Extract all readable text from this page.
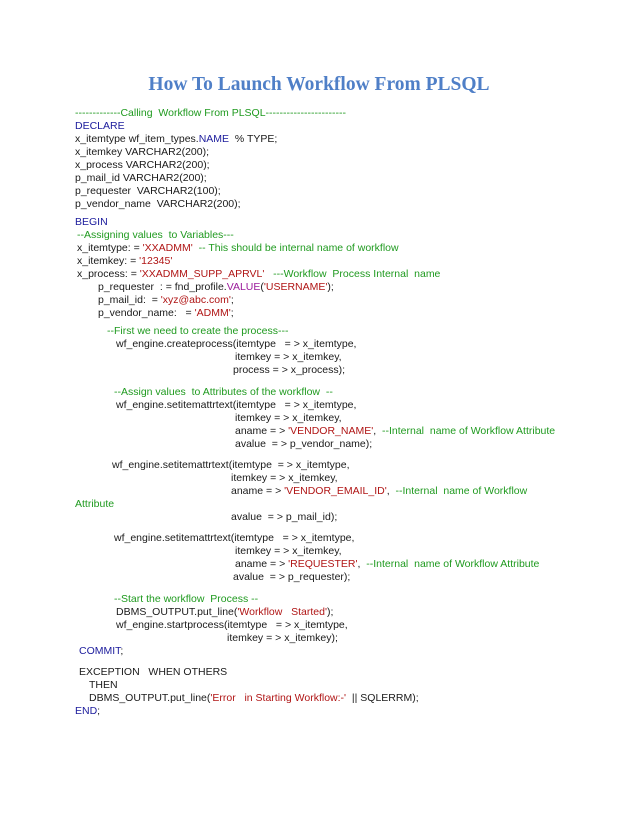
How To Launch Workflow From PLSQL
-------------Calling  Workflow From PLSQL-----------------------
DECLARE
x_itemtype wf_item_types.NAME  % TYPE;
x_itemkey VARCHAR2(200);
x_process VARCHAR2(200);
p_mail_id VARCHAR2(200);
p_requester  VARCHAR2(100);
p_vendor_name  VARCHAR2(200);
BEGIN
--Assigning values  to Variables---
x_itemtype: = 'XXADMM'  -- This should be internal name of workflow
x_itemkey: = '12345'
x_process: = 'XXADMM_SUPP_APRVL'   ---Workflow  Process Internal  name
p_requester  : = fnd_profile.VALUE('USERNAME');
p_mail_id:  = 'xyz@abc.com';
p_vendor_name:   = 'ADMM';
--First we need to create the process---
wf_engine.createprocess(itemtype   = > x_itemtype,
itemkey = > x_itemkey,
process = > x_process);
--Assign values  to Attributes of the workflow  --
wf_engine.setitemattrtext(itemtype   = > x_itemtype,
itemkey = > x_itemkey,
aname = > 'VENDOR_NAME',  --Internal  name of Workflow Attribute
avalue  = > p_vendor_name);
wf_engine.setitemattrtext(itemtype  = > x_itemtype,
itemkey = > x_itemkey,
aname = > 'VENDOR_EMAIL_ID',  --Internal  name of Workflow
Attribute
avalue  = > p_mail_id);
wf_engine.setitemattrtext(itemtype   = > x_itemtype,
itemkey = > x_itemkey,
aname = > 'REQUESTER',  --Internal  name of Workflow Attribute
avalue  = > p_requester);
--Start the workflow  Process --
DBMS_OUTPUT.put_line('Workflow   Started');
wf_engine.startprocess(itemtype   = > x_itemtype,
itemkey = > x_itemkey);
COMMIT;
EXCEPTION   WHEN OTHERS
THEN
DBMS_OUTPUT.put_line('Error   in Starting Workflow:-'  || SQLERRM);
END;
